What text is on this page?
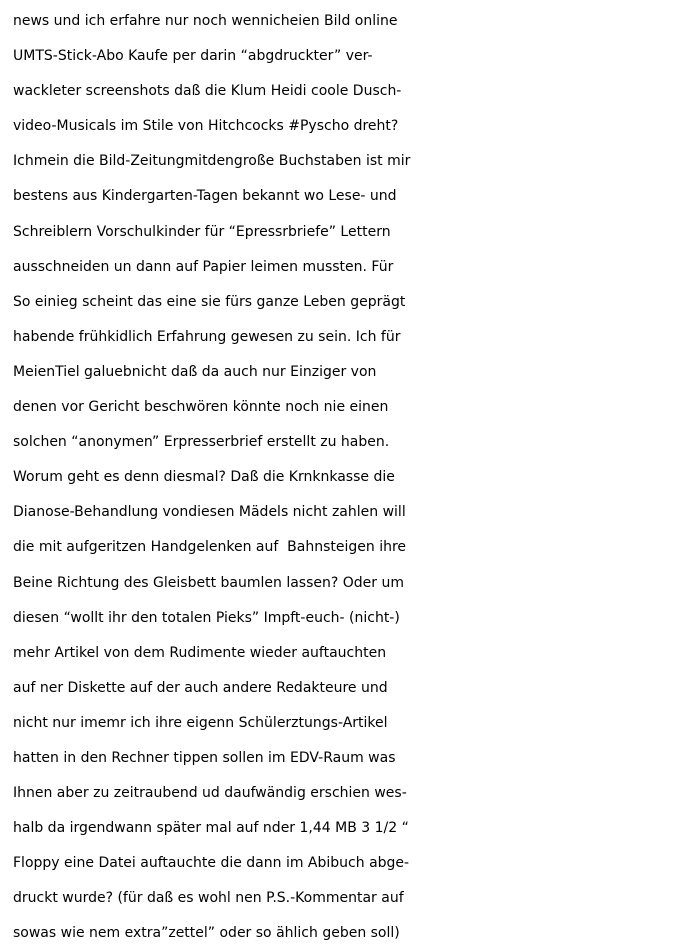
news und ich erfahre nur noch wennicheien Bild online
UMTS-Stick-Abo Kaufe per darin “abgdruckter” ver-
wackleter screenshots daß die Klum Heidi coole Dusch-
video-Musicals im Stile von Hitchcocks #Pyscho dreht?
Ichmein die Bild-Zeitungmitdengroße Buchstaben ist mir
bestens aus Kindergarten-Tagen bekannt wo Lese- und
Schreiblern Vorschulkinder für “Epressrbriefe” Lettern
ausschneiden un dann auf Papier leimen mussten. Für
So einieg scheint das eine sie fürs ganze Leben geprägt
habende frühkidlich Erfahrung gewesen zu sein. Ich für
MeienTiel galuebnicht daß da auch nur Einziger von
denen vor Gericht beschwören könnte noch nie einen
solchen “anonymen” Erpresserbrief erstellt zu haben.
Worum geht es denn diesmal? Daß die Krnknkasse die
Dianose-Behandlung vondiesen Mädels nicht zahlen will
die mit aufgeritzen Handgelenken auf  Bahnsteigen ihre
Beine Richtung des Gleisbett baumlen lassen? Oder um
diesen “wollt ihr den totalen Pieks” Impft-euch- (nicht-)
mehr Artikel von dem Rudimente wieder auftauchten
auf ner Diskette auf der auch andere Redakteure und
nicht nur imemr ich ihre eigenn Schülerztungs-Artikel
hatten in den Rechner tippen sollen im EDV-Raum was
Ihnen aber zu zeitraubend ud daufwändig erschien wes-
halb da irgendwann später mal auf nder 1,44 MB 3 1/2 “
Floppy eine Datei auftauchte die dann im Abibuch abge-
druckt wurde? (für daß es wohl nen P.S.-Kommentar auf
sowas wie nem extra”zettel” oder so ählich geben soll)
